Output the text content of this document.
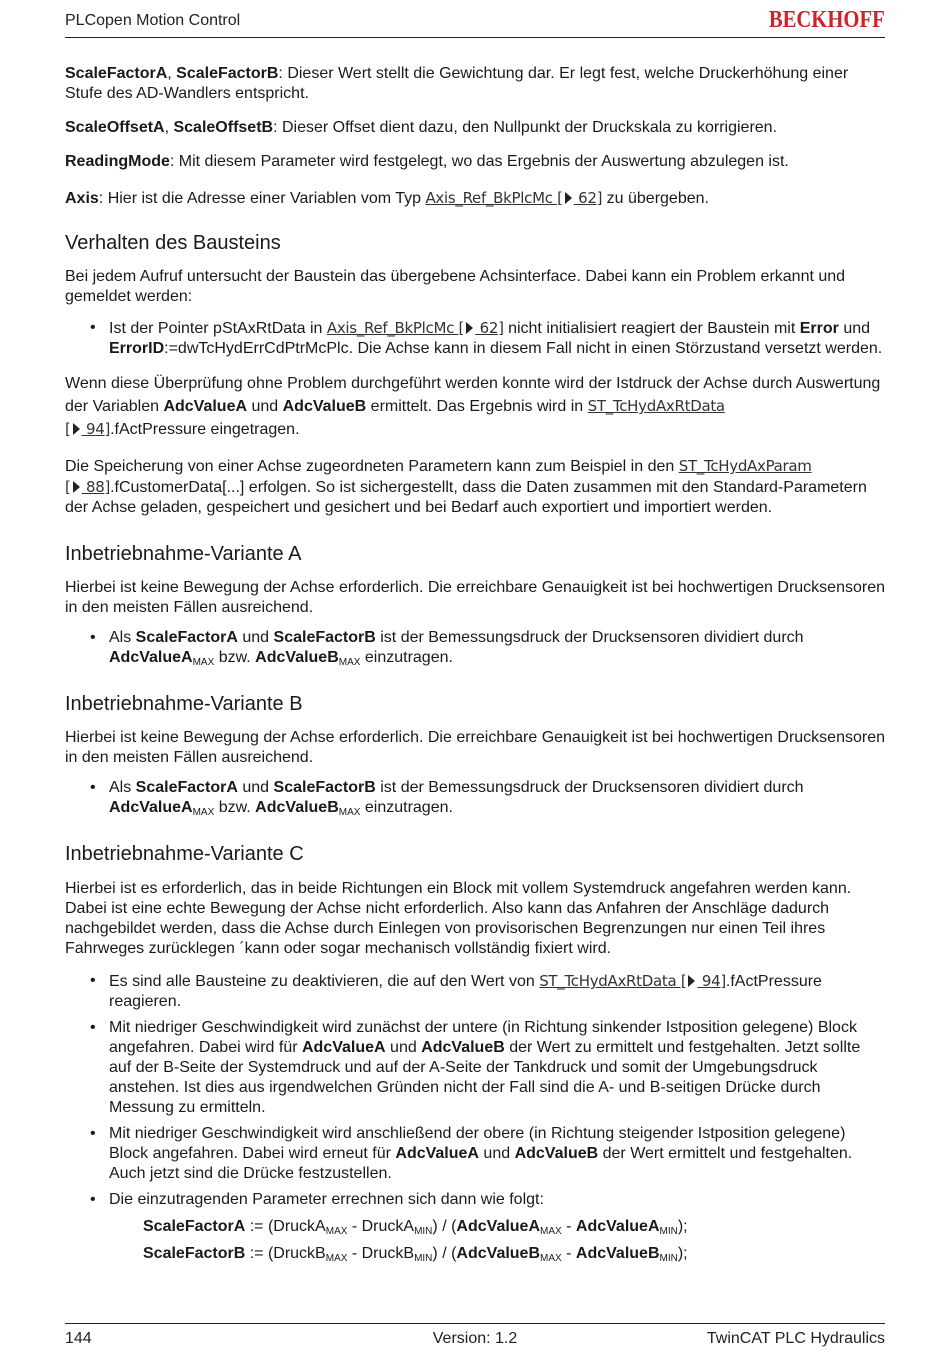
PLCopen Motion Control	BECKHOFF

ScaleFactorA, ScaleFactorB: Dieser Wert stellt die Gewichtung dar. Er legt fest, welche Druckerhöhung einer Stufe des AD-Wandlers entspricht.

ScaleOffsetA, ScaleOffsetB: Dieser Offset dient dazu, den Nullpunkt der Druckskala zu korrigieren.

ReadingMode: Mit diesem Parameter wird festgelegt, wo das Ergebnis der Auswertung abzulegen ist.

Axis: Hier ist die Adresse einer Variablen vom Typ Axis_Ref_BkPlcMc [ 62] zu übergeben.

Verhalten des Bausteins

Bei jedem Aufruf untersucht der Baustein das übergebene Achsinterface. Dabei kann ein Problem erkannt und gemeldet werden:

• Ist der Pointer pStAxRtData in Axis_Ref_BkPlcMc [ 62] nicht initialisiert reagiert der Baustein mit Error und ErrorID:=dwTcHydErrCdPtrMcPlc. Die Achse kann in diesem Fall nicht in einen Störzustand versetzt werden.

Wenn diese Überprüfung ohne Problem durchgeführt werden konnte wird der Istdruck der Achse durch Auswertung der Variablen AdcValueA und AdcValueB ermittelt. Das Ergebnis wird in ST_TcHydAxRtData
[ 94].fActPressure eingetragen.

Die Speicherung von einer Achse zugeordneten Parametern kann zum Beispiel in den ST_TcHydAxParam
[ 88].fCustomerData[...] erfolgen. So ist sichergestellt, dass die Daten zusammen mit den Standard-Parametern der Achse geladen, gespeichert und gesichert und bei Bedarf auch exportiert und importiert werden.

Inbetriebnahme-Variante A

Hierbei ist keine Bewegung der Achse erforderlich. Die erreichbare Genauigkeit ist bei hochwertigen Drucksensoren in den meisten Fällen ausreichend.

• Als ScaleFactorA und ScaleFactorB ist der Bemessungsdruck der Drucksensoren dividiert durch AdcValueA$_{MAX}$ bzw. AdcValueB$_{MAX}$ einzutragen.

Inbetriebnahme-Variante B

Hierbei ist keine Bewegung der Achse erforderlich. Die erreichbare Genauigkeit ist bei hochwertigen Drucksensoren in den meisten Fällen ausreichend.

• Als ScaleFactorA und ScaleFactorB ist der Bemessungsdruck der Drucksensoren dividiert durch AdcValueA$_{MAX}$ bzw. AdcValueB$_{MAX}$ einzutragen.

Inbetriebnahme-Variante C

Hierbei ist es erforderlich, das in beide Richtungen ein Block mit vollem Systemdruck angefahren werden kann. Dabei ist eine echte Bewegung der Achse nicht erforderlich. Also kann das Anfahren der Anschläge dadurch nachgebildet werden, dass die Achse durch Einlegen von provisorischen Begrenzungen nur einen Teil ihres Fahrweges zurücklegen ´kann oder sogar mechanisch vollständig fixiert wird.

• Es sind alle Bausteine zu deaktivieren, die auf den Wert von ST_TcHydAxRtData [ 94].fActPressure reagieren.

• Mit niedriger Geschwindigkeit wird zunächst der untere (in Richtung sinkender Istposition gelegene) Block angefahren. Dabei wird für AdcValueA und AdcValueB der Wert zu ermittelt und festgehalten. Jetzt sollte auf der B-Seite der Systemdruck und auf der A-Seite der Tankdruck und somit der Umgebungsdruck anstehen. Ist dies aus irgendwelchen Gründen nicht der Fall sind die A- und B-seitigen Drücke durch Messung zu ermitteln.

• Mit niedriger Geschwindigkeit wird anschließend der obere (in Richtung steigender Istposition gelegene) Block angefahren. Dabei wird erneut für AdcValueA und AdcValueB der Wert ermittelt und festgehalten. Auch jetzt sind die Drücke festzustellen.

• Die einzutragenden Parameter errechnen sich dann wie folgt:

ScaleFactorA := (DruckA$_{MAX}$ - DruckA$_{MIN}$) / (AdcValueA$_{MAX}$ - AdcValueA$_{MIN}$);

ScaleFactorB := (DruckB$_{MAX}$ - DruckB$_{MIN}$) / (AdcValueB$_{MAX}$ - AdcValueB$_{MIN}$);

144	Version: 1.2	TwinCAT PLC Hydraulics
